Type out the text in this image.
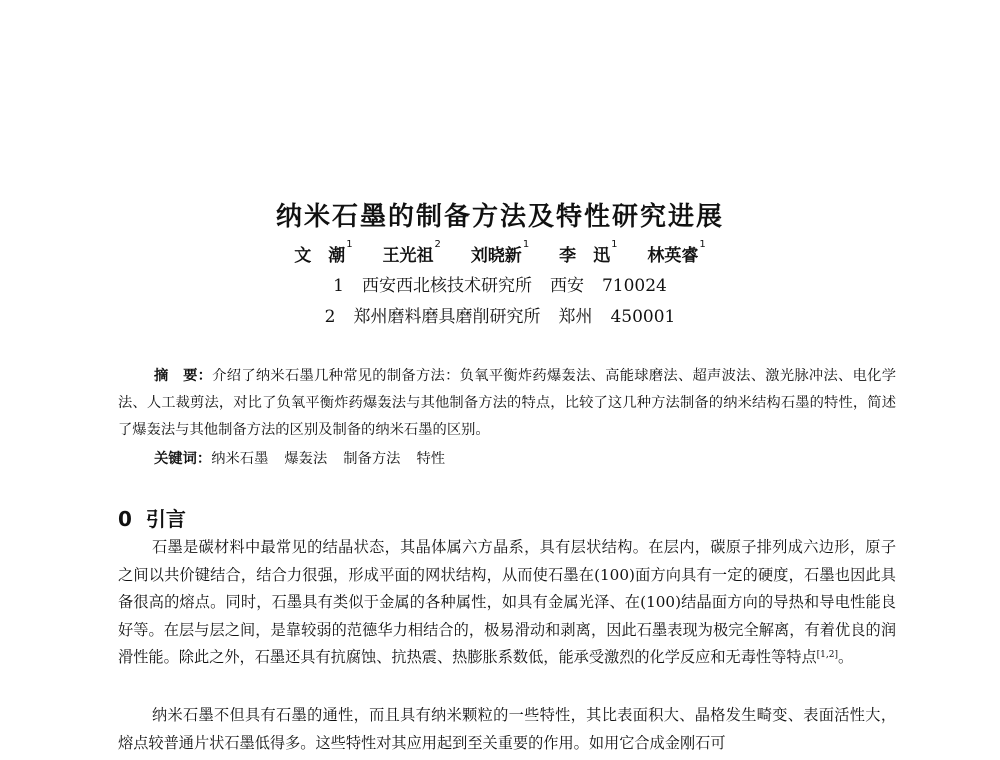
纳米石墨的制备方法及特性研究进展
文　潮$^1$ 王光祖$^2$ 刘晓新$^1$ 李　迅$^1$ 林英睿$^1$
1 西安西北核技术研究所 西安 710024
2 郑州磨料磨具磨削研究所 郑州 450001
摘　要：介绍了纳米石墨几种常见的制备方法：负氧平衡炸药爆轰法、高能球磨法、超声波法、激光脉冲法、电化学法、人工裁剪法，对比了负氧平衡炸药爆轰法与其他制备方法的特点，比较了这几种方法制备的纳米结构石墨的特性，简述了爆轰法与其他制备方法的区别及制备的纳米石墨的区别。
关键词：纳米石墨 爆轰法 制备方法 特性
0 引言
石墨是碳材料中最常见的结晶状态，其晶体属六方晶系，具有层状结构。在层内，碳原子排列成六边形，原子之间以共价键结合，结合力很强，形成平面的网状结构，从而使石墨在(100)面方向具有一定的硬度，石墨也因此具备很高的熔点。同时，石墨具有类似于金属的各种属性，如具有金属光泽、在(100)结晶面方向的导热和导电性能良好等。在层与层之间，是靠较弱的范德华力相结合的，极易滑动和剥离，因此石墨表现为极完全解离，有着优良的润滑性能。除此之外，石墨还具有抗腐蚀、抗热震、热膨胀系数低，能承受激烈的化学反应和无毒性等特点[1,2]。
纳米石墨不但具有石墨的通性，而且具有纳米颗粒的一些特性，其比表面积大、晶格发生畸变、表面活性大，熔点较普通片状石墨低得多。这些特性对其应用起到至关重要的作用。如用它合成金刚石可
